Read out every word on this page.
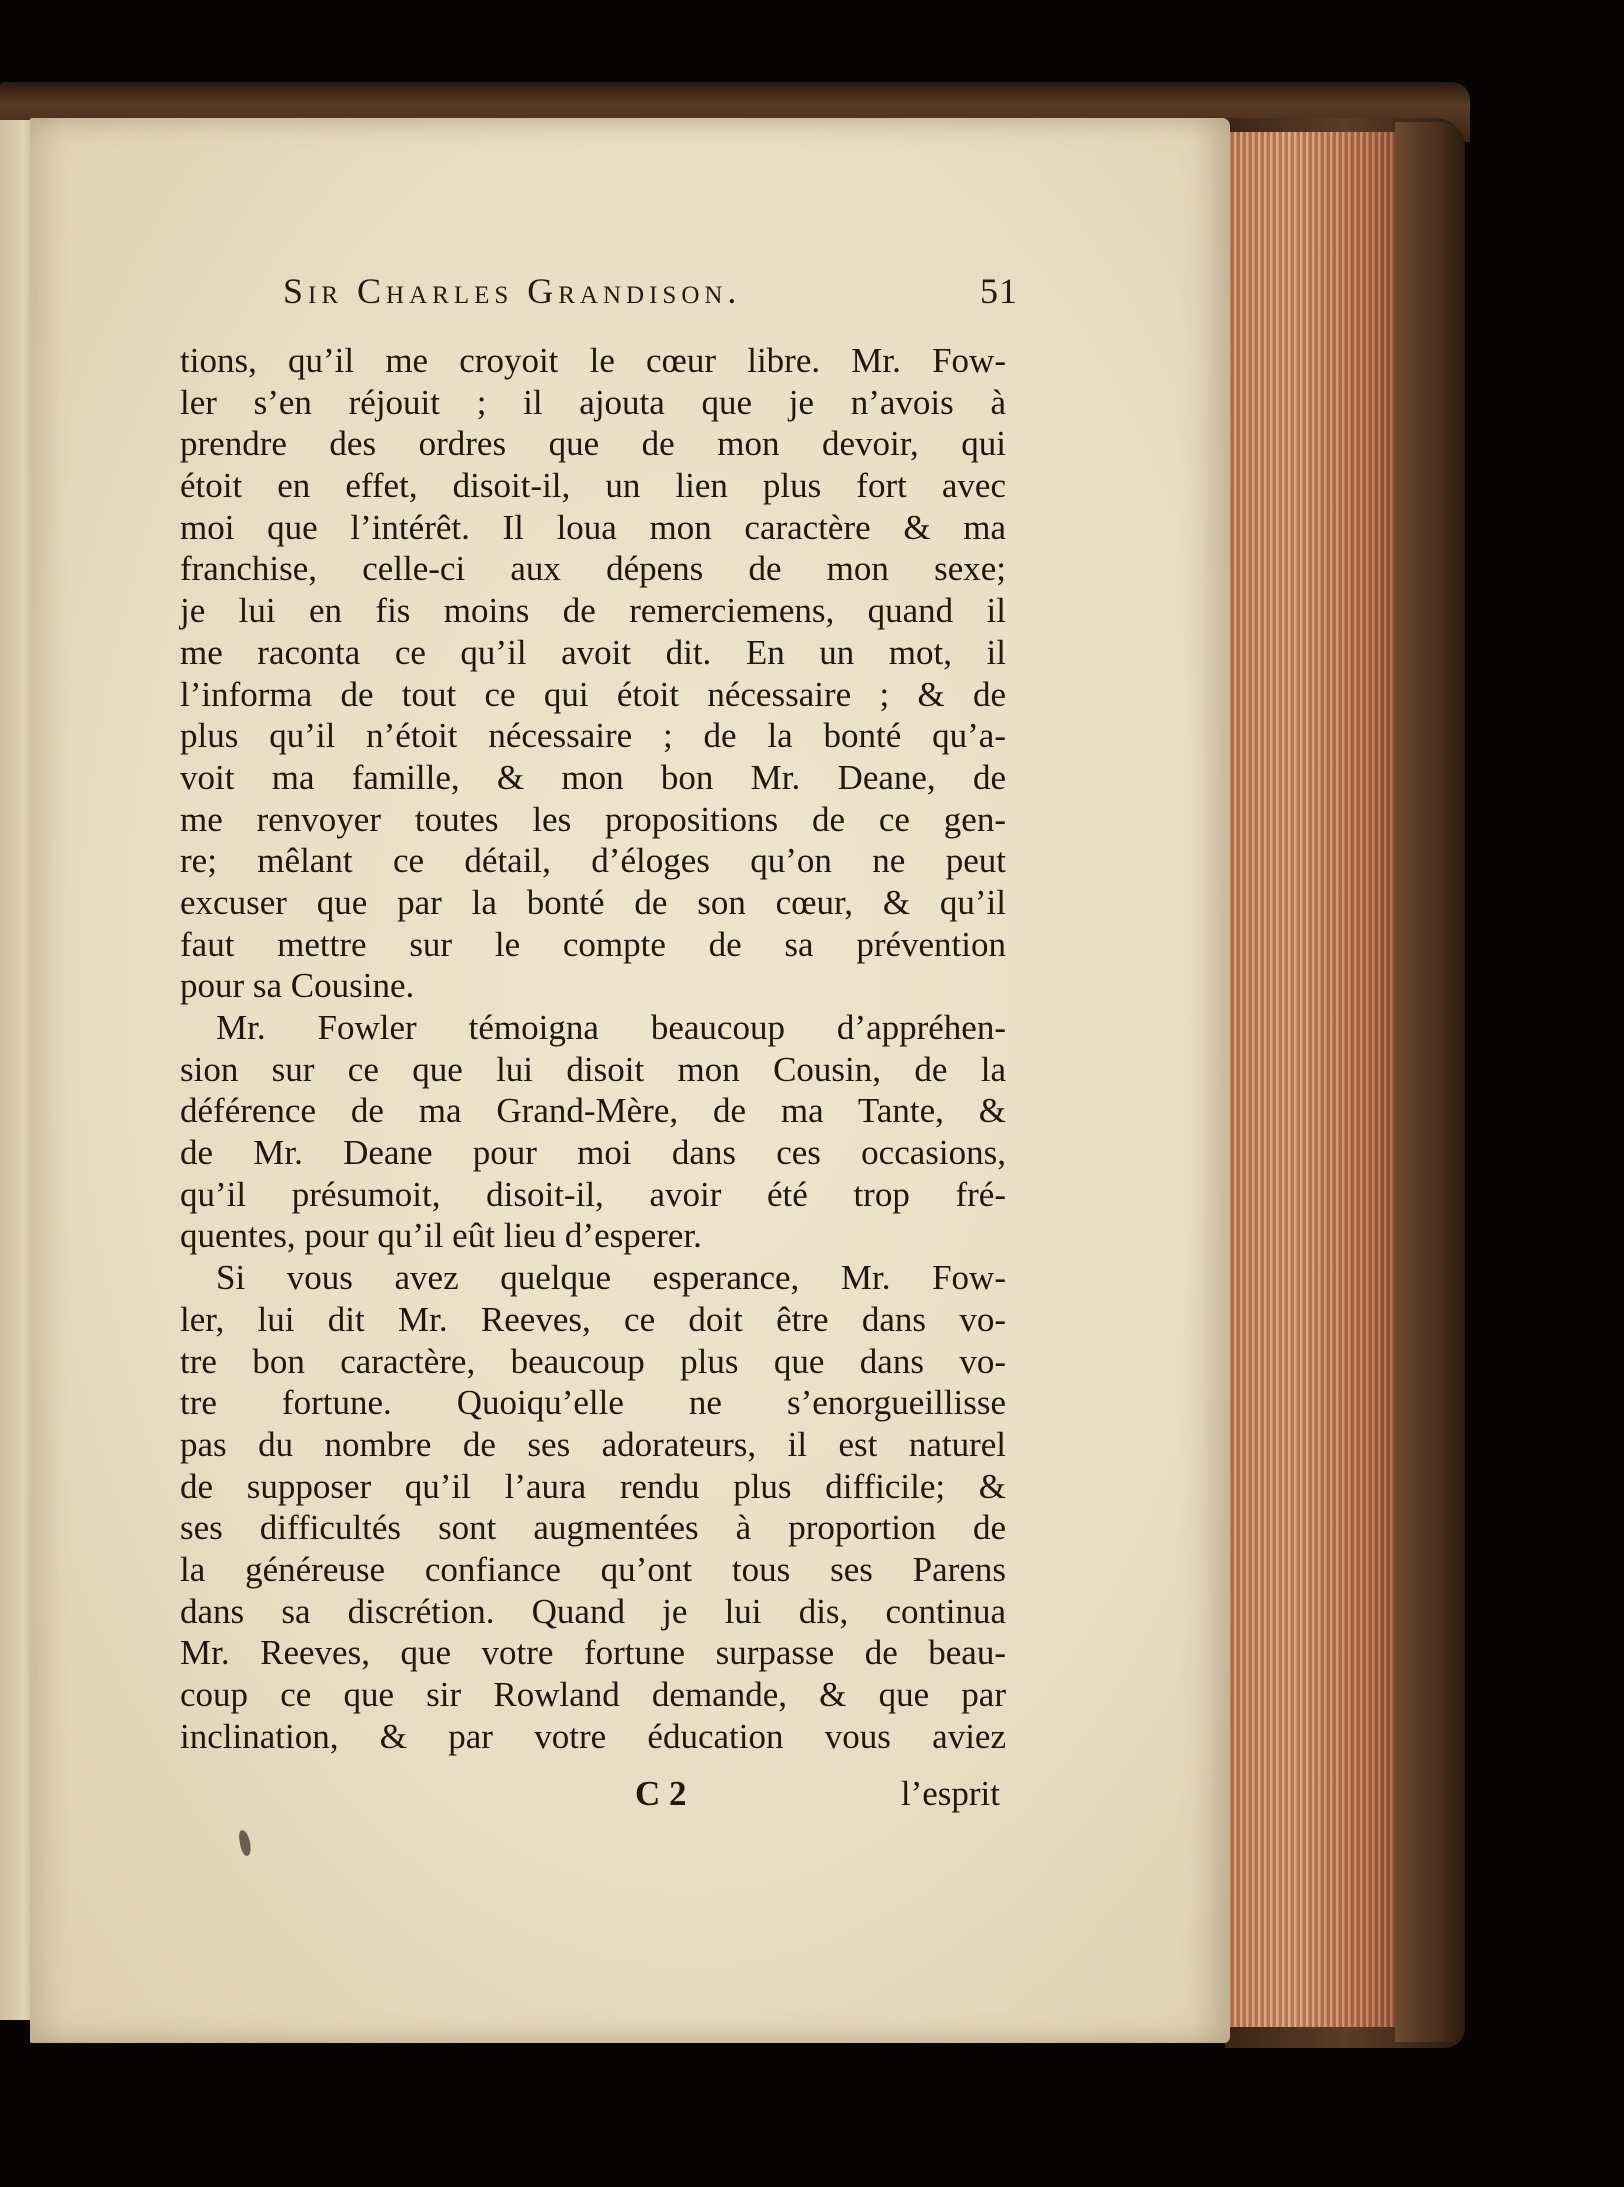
Sir Charles Grandison.	51
tions, qu’il me croyoit le cœur libre. Mr. Fow-
ler s’en réjouit ; il ajouta que je n’avois à
prendre des ordres que de mon devoir, qui
étoit en effet, disoit-il, un lien plus fort avec
moi que l’intérêt. Il loua mon caractère & ma
franchise, celle-ci aux dépens de mon sexe;
je lui en fis moins de remerciemens, quand il
me raconta ce qu’il avoit dit. En un mot, il
l’informa de tout ce qui étoit nécessaire ; & de
plus qu’il n’étoit nécessaire ; de la bonté qu’a-
voit ma famille, & mon bon Mr. Deane, de
me renvoyer toutes les propositions de ce gen-
re; mêlant ce détail, d’éloges qu’on ne peut
excuser que par la bonté de son cœur, & qu’il
faut mettre sur le compte de sa prévention
pour sa Cousine.
Mr. Fowler témoigna beaucoup d’appréhen-
sion sur ce que lui disoit mon Cousin, de la
déférence de ma Grand-Mère, de ma Tante, &
de Mr. Deane pour moi dans ces occasions,
qu’il présumoit, disoit-il, avoir été trop fré-
quentes, pour qu’il eût lieu d’esperer.
Si vous avez quelque esperance, Mr. Fow-
ler, lui dit Mr. Reeves, ce doit être dans vo-
tre bon caractère, beaucoup plus que dans vo-
tre fortune. Quoiqu’elle ne s’enorgueillisse
pas du nombre de ses adorateurs, il est naturel
de supposer qu’il l’aura rendu plus difficile; &
ses difficultés sont augmentées à proportion de
la généreuse confiance qu’ont tous ses Parens
dans sa discrétion. Quand je lui dis, continua
Mr. Reeves, que votre fortune surpasse de beau-
coup ce que sir Rowland demande, & que par
inclination, & par votre éducation vous aviez
C 2	l’esprit
